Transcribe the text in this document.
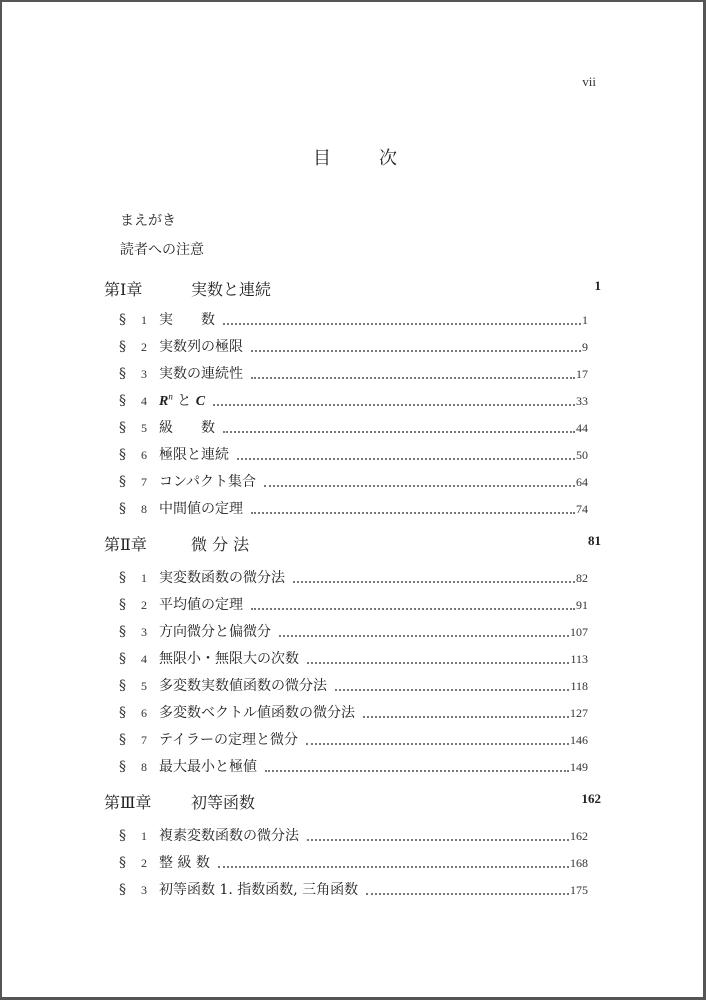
vii
目	次
まえがき
読者への注意
第Ⅰ章	実数と連続	1
§	1 実　　数	1
§	2 実数列の極限	9
§	3 実数の連続性	17
§	4 $R^n$ と C	33
§	5 級　　数	44
§	6 極限と連続	50
§	7 コンパクト集合	64
§	8 中間値の定理	74
第Ⅱ章	微 分 法	81
§	1 実変数函数の微分法	82
§	2 平均値の定理	91
§	3 方向微分と偏微分	107
§	4 無限小・無限大の次数	113
§	5 多変数実数値函数の微分法	118
§	6 多変数ベクトル値函数の微分法	127
§	7 テイラーの定理と微分	146
§	8 最大最小と極値	149
第Ⅲ章 初等函数	162
§	1 複素変数函数の微分法	162
§	2 整 級 数	168
§	3 初等函数 1. 指数函数, 三角函数	175
